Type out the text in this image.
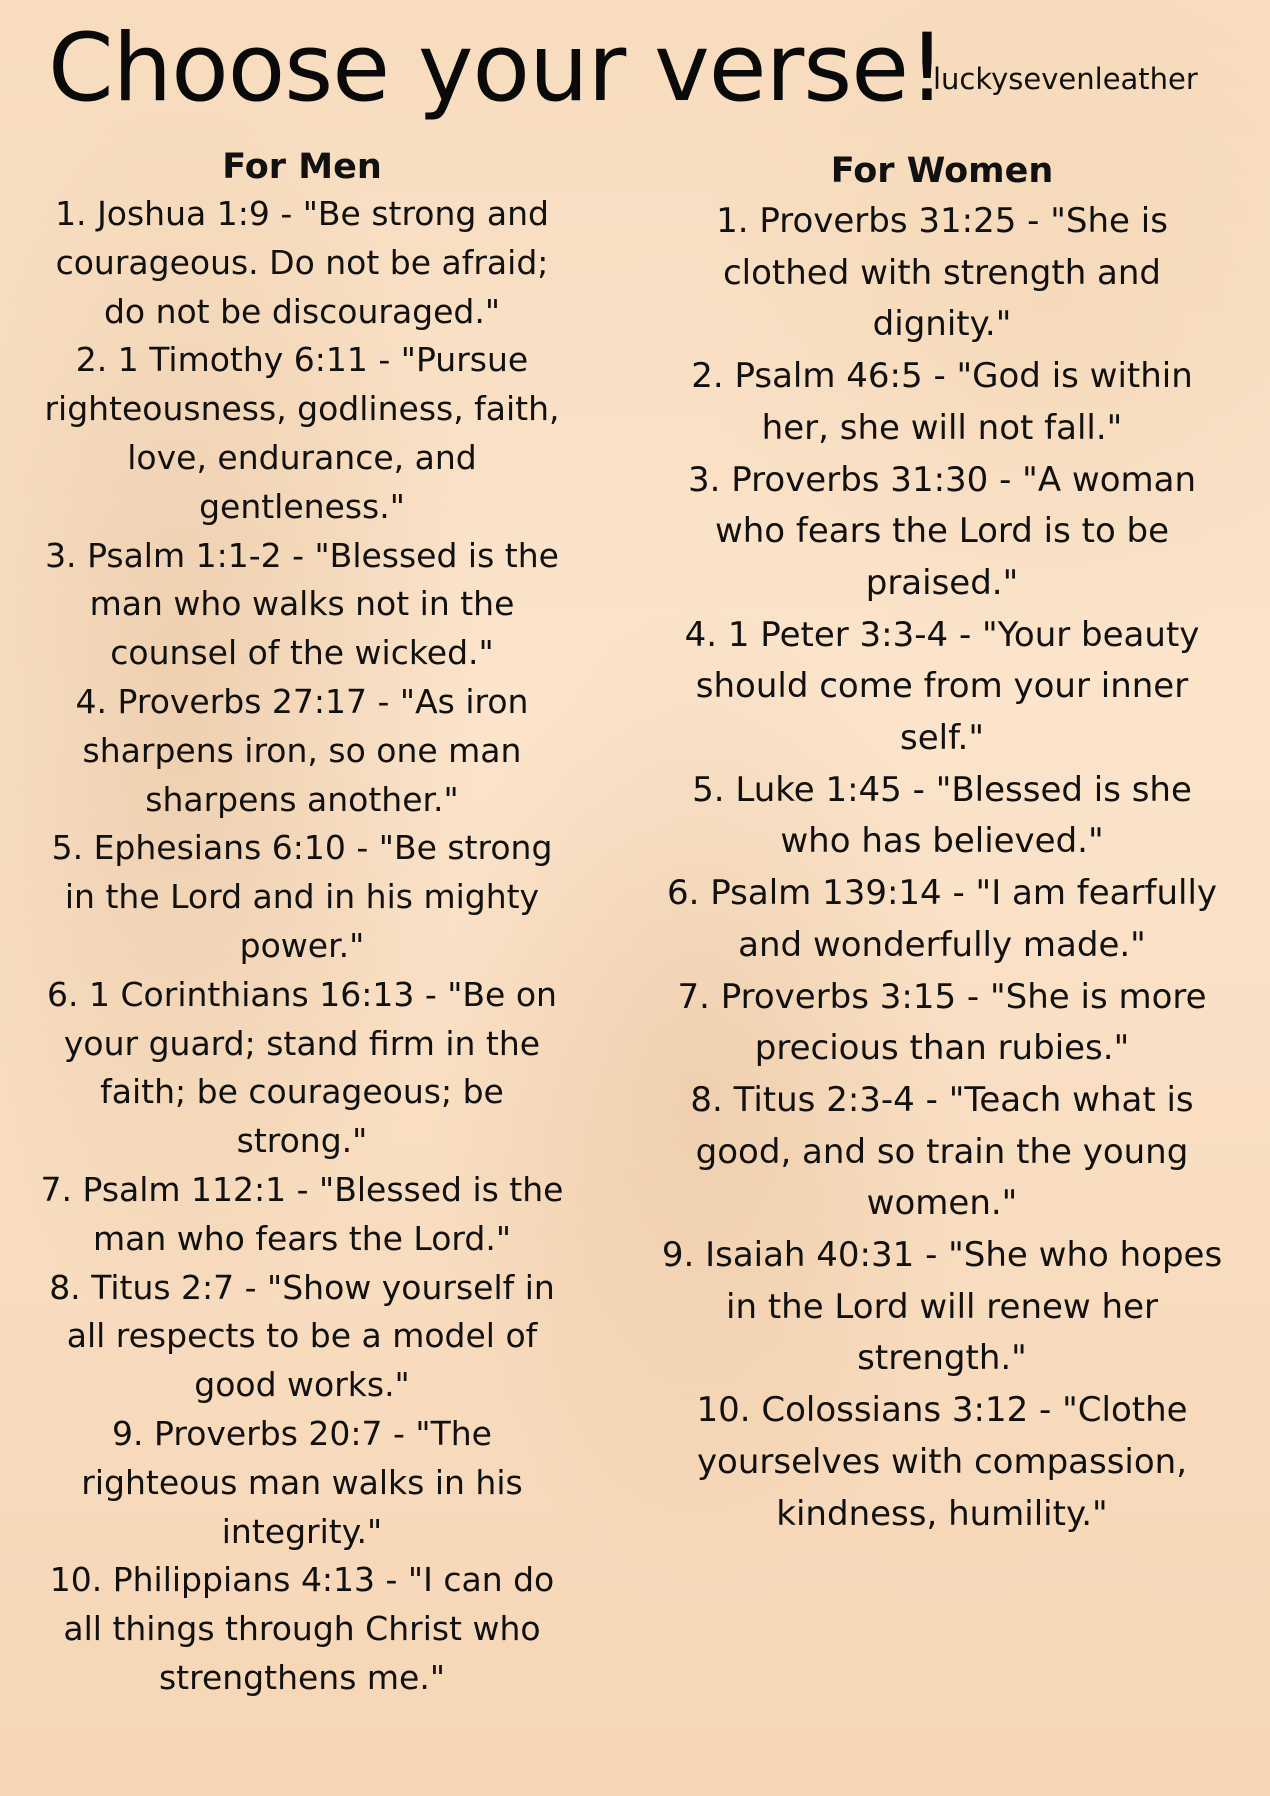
Choose your verse!
luckysevenleather
For Men
1. Joshua 1:9 - "Be strong and courageous. Do not be afraid; do not be discouraged."
2. 1 Timothy 6:11 - "Pursue righteousness, godliness, faith, love, endurance, and gentleness."
3. Psalm 1:1-2 - "Blessed is the man who walks not in the counsel of the wicked."
4. Proverbs 27:17 - "As iron sharpens iron, so one man sharpens another."
5. Ephesians 6:10 - "Be strong in the Lord and in his mighty power."
6. 1 Corinthians 16:13 - "Be on your guard; stand firm in the faith; be courageous; be strong."
7. Psalm 112:1 - "Blessed is the man who fears the Lord."
8. Titus 2:7 - "Show yourself in all respects to be a model of good works."
9. Proverbs 20:7 - "The righteous man walks in his integrity."
10. Philippians 4:13 - "I can do all things through Christ who strengthens me."
For Women
1. Proverbs 31:25 - "She is clothed with strength and dignity."
2. Psalm 46:5 - "God is within her, she will not fall."
3. Proverbs 31:30 - "A woman who fears the Lord is to be praised."
4. 1 Peter 3:3-4 - "Your beauty should come from your inner self."
5. Luke 1:45 - "Blessed is she who has believed."
6. Psalm 139:14 - "I am fearfully and wonderfully made."
7. Proverbs 3:15 - "She is more precious than rubies."
8. Titus 2:3-4 - "Teach what is good, and so train the young women."
9. Isaiah 40:31 - "She who hopes in the Lord will renew her strength."
10. Colossians 3:12 - "Clothe yourselves with compassion, kindness, humility."
